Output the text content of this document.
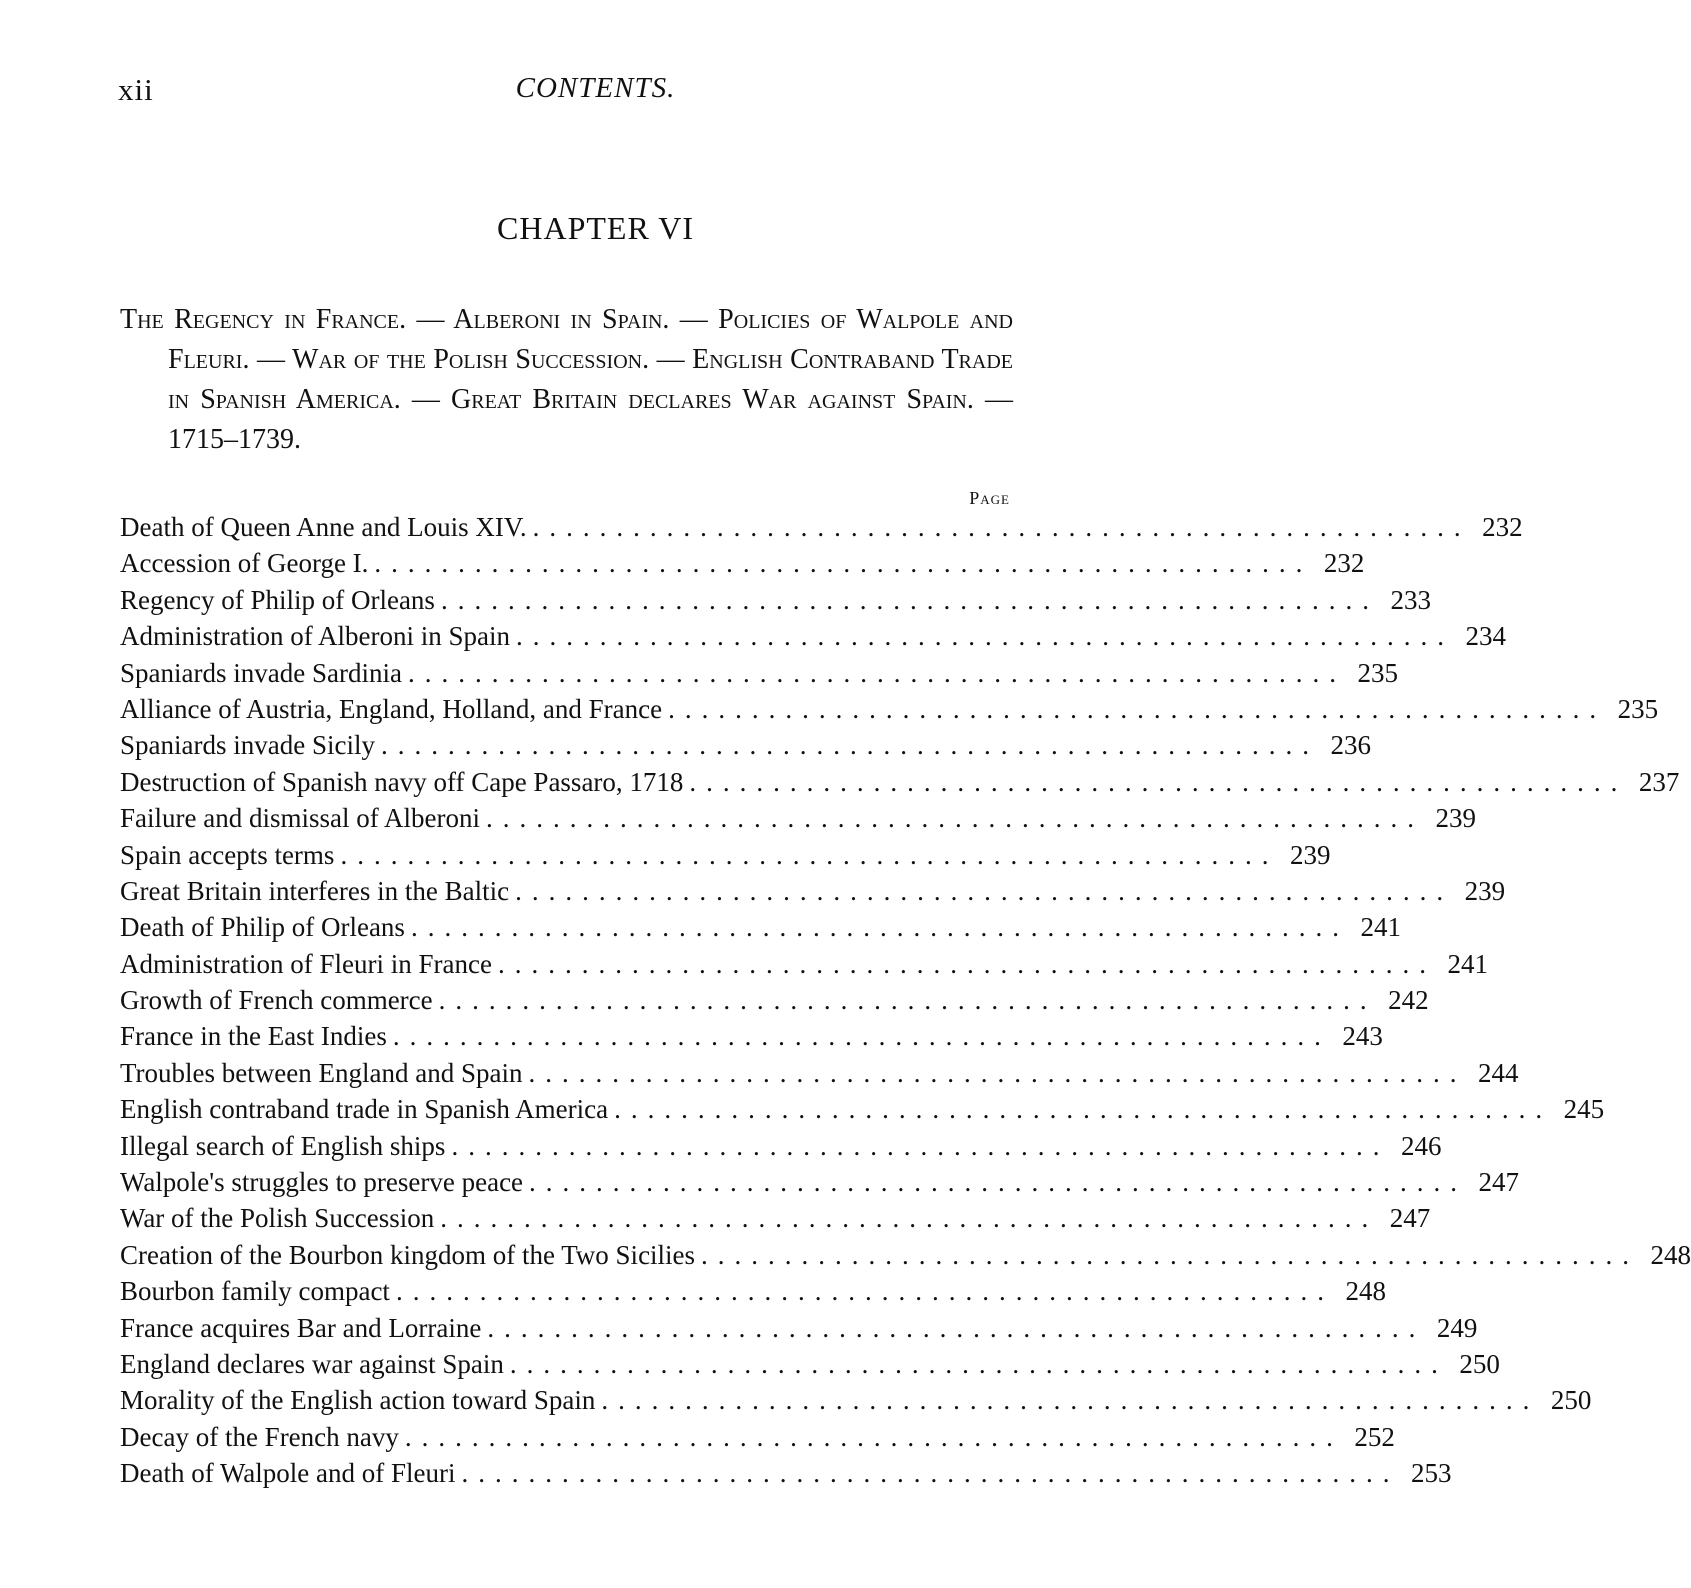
xii	CONTENTS.
CHAPTER VI
The Regency in France. — Alberoni in Spain. — Policies of Walpole and Fleuri. — War of the Polish Succession. — English Contraband Trade in Spanish America. — Great Britain declares War against Spain. — 1715–1739.
Page
Death of Queen Anne and Louis XIV. ........................................................ 232
Accession of George I. ........................................................ 232
Regency of Philip of Orleans ........................................................ 233
Administration of Alberoni in Spain ........................................................ 234
Spaniards invade Sardinia ........................................................ 235
Alliance of Austria, England, Holland, and France ........................................................ 235
Spaniards invade Sicily ........................................................ 236
Destruction of Spanish navy off Cape Passaro, 1718 ........................................................ 237
Failure and dismissal of Alberoni ........................................................ 239
Spain accepts terms ........................................................ 239
Great Britain interferes in the Baltic ........................................................ 239
Death of Philip of Orleans ........................................................ 241
Administration of Fleuri in France ........................................................ 241
Growth of French commerce ........................................................ 242
France in the East Indies ........................................................ 243
Troubles between England and Spain ........................................................ 244
English contraband trade in Spanish America ........................................................ 245
Illegal search of English ships ........................................................ 246
Walpole's struggles to preserve peace ........................................................ 247
War of the Polish Succession ........................................................ 247
Creation of the Bourbon kingdom of the Two Sicilies ........................................................ 248
Bourbon family compact ........................................................ 248
France acquires Bar and Lorraine ........................................................ 249
England declares war against Spain ........................................................ 250
Morality of the English action toward Spain ........................................................ 250
Decay of the French navy ........................................................ 252
Death of Walpole and of Fleuri ........................................................ 253
